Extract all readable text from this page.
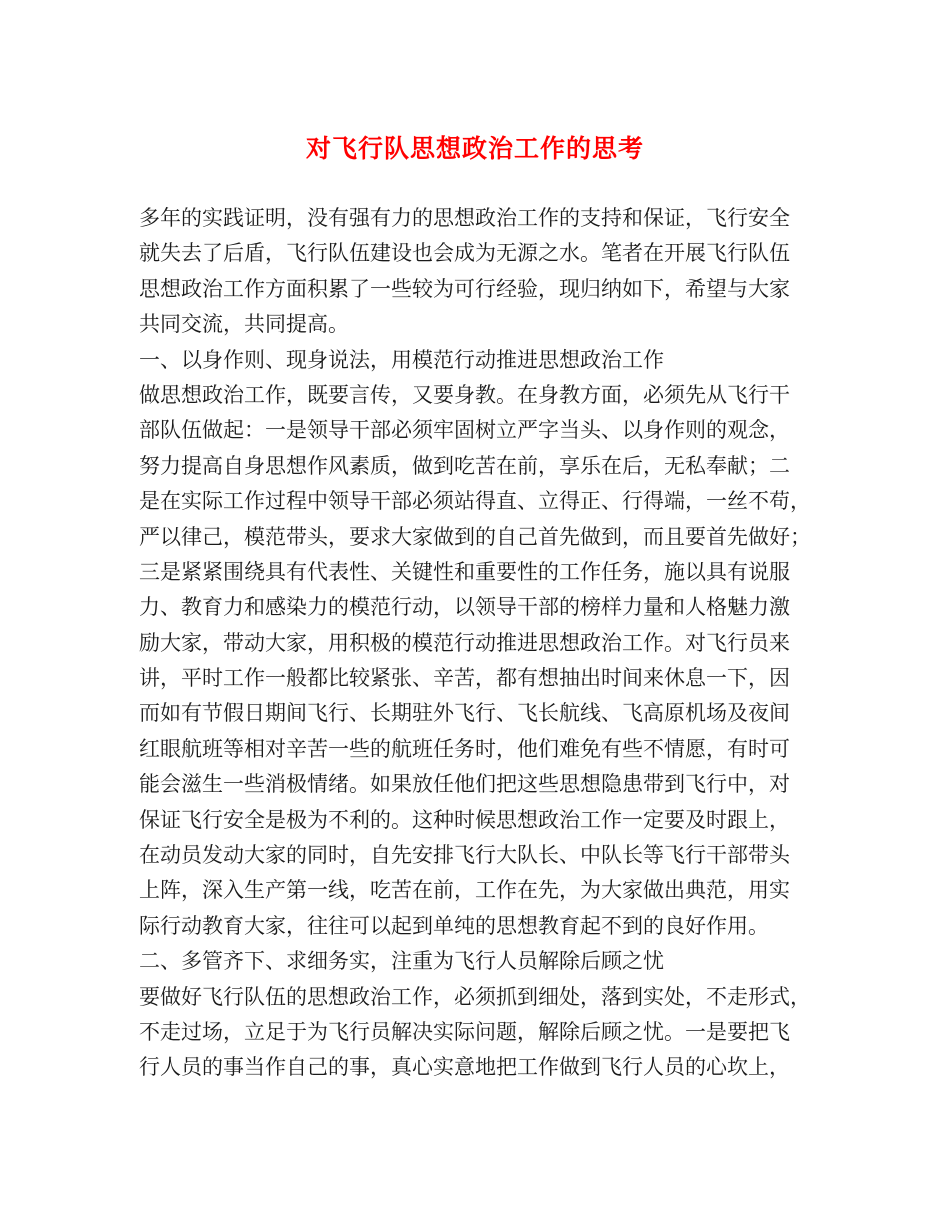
对飞行队思想政治工作的思考
多年的实践证明，没有强有力的思想政治工作的支持和保证，飞行安全
就失去了后盾，飞行队伍建设也会成为无源之水。笔者在开展飞行队伍
思想政治工作方面积累了一些较为可行经验，现归纳如下，希望与大家
共同交流，共同提高。
一、以身作则、现身说法，用模范行动推进思想政治工作
做思想政治工作，既要言传，又要身教。在身教方面，必须先从飞行干
部队伍做起：一是领导干部必须牢固树立严字当头、以身作则的观念，
努力提高自身思想作风素质，做到吃苦在前，享乐在后，无私奉献；二
是在实际工作过程中领导干部必须站得直、立得正、行得端，一丝不苟，
严以律己，模范带头，要求大家做到的自己首先做到，而且要首先做好；
三是紧紧围绕具有代表性、关键性和重要性的工作任务，施以具有说服
力、教育力和感染力的模范行动，以领导干部的榜样力量和人格魅力激
励大家，带动大家，用积极的模范行动推进思想政治工作。对飞行员来
讲，平时工作一般都比较紧张、辛苦，都有想抽出时间来休息一下，因
而如有节假日期间飞行、长期驻外飞行、飞长航线、飞高原机场及夜间
红眼航班等相对辛苦一些的航班任务时，他们难免有些不情愿，有时可
能会滋生一些消极情绪。如果放任他们把这些思想隐患带到飞行中，对
保证飞行安全是极为不利的。这种时候思想政治工作一定要及时跟上，
在动员发动大家的同时，自先安排飞行大队长、中队长等飞行干部带头
上阵，深入生产第一线，吃苦在前，工作在先，为大家做出典范，用实
际行动教育大家，往往可以起到单纯的思想教育起不到的良好作用。
二、多管齐下、求细务实，注重为飞行人员解除后顾之忧
要做好飞行队伍的思想政治工作，必须抓到细处，落到实处，不走形式，
不走过场，立足于为飞行员解决实际问题，解除后顾之忧。一是要把飞
行人员的事当作自己的事，真心实意地把工作做到飞行人员的心坎上，
